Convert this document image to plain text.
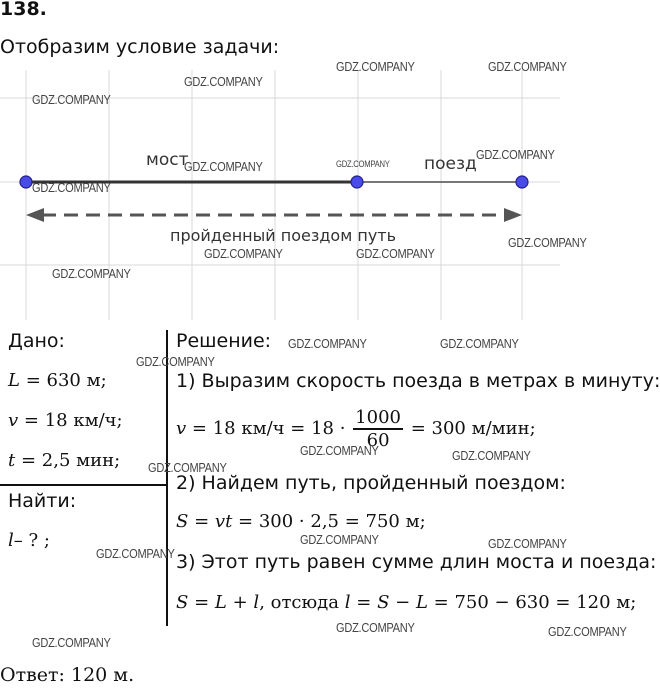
138.
Отобразим условие задачи:
мост	поезд
пройденный поездом путь
Дано:
L = 630 м;
v = 18 км/ч;
t = 2,5 мин;
Найти:
l– ? ;
Решение:
1) Выразим скорость поезда в метрах в минуту:
v = 18 $км/ч = 18 \cdot \frac{1000}{60} = 300$ м/мин;
2) Найдем путь, пройденный поездом:
S = vt = 300 · 2,5 = 750 м;
3) Этот путь равен сумме длин моста и поезда:
S = L + l, отсюда l = S − L = 750 − 630 = 120 м;
Ответ: 120 м.
GDZ.COMPANY	GDZ.COMPANY
GDZ.COMPANY
GDZ.COMPANY
GDZ.COMPANY
GDZ.COMPANY
GDZ.COMPANY
GDZ.COMPANY
GDZ.COMPANY
GDZ.COMPANY	GDZ.COMPANY
GDZ.COMPANY
GDZ.COMPANY	GDZ.COMPANY
GDZ.COMPANY
GDZ.COMPANY	GDZ.COMPANY
GDZ.COMPANY
GDZ.COMPANY	GDZ.COMPANY
GDZ.COMPANY
GDZ.COMPANY	GDZ.COMPANY
GDZ.COMPANY
